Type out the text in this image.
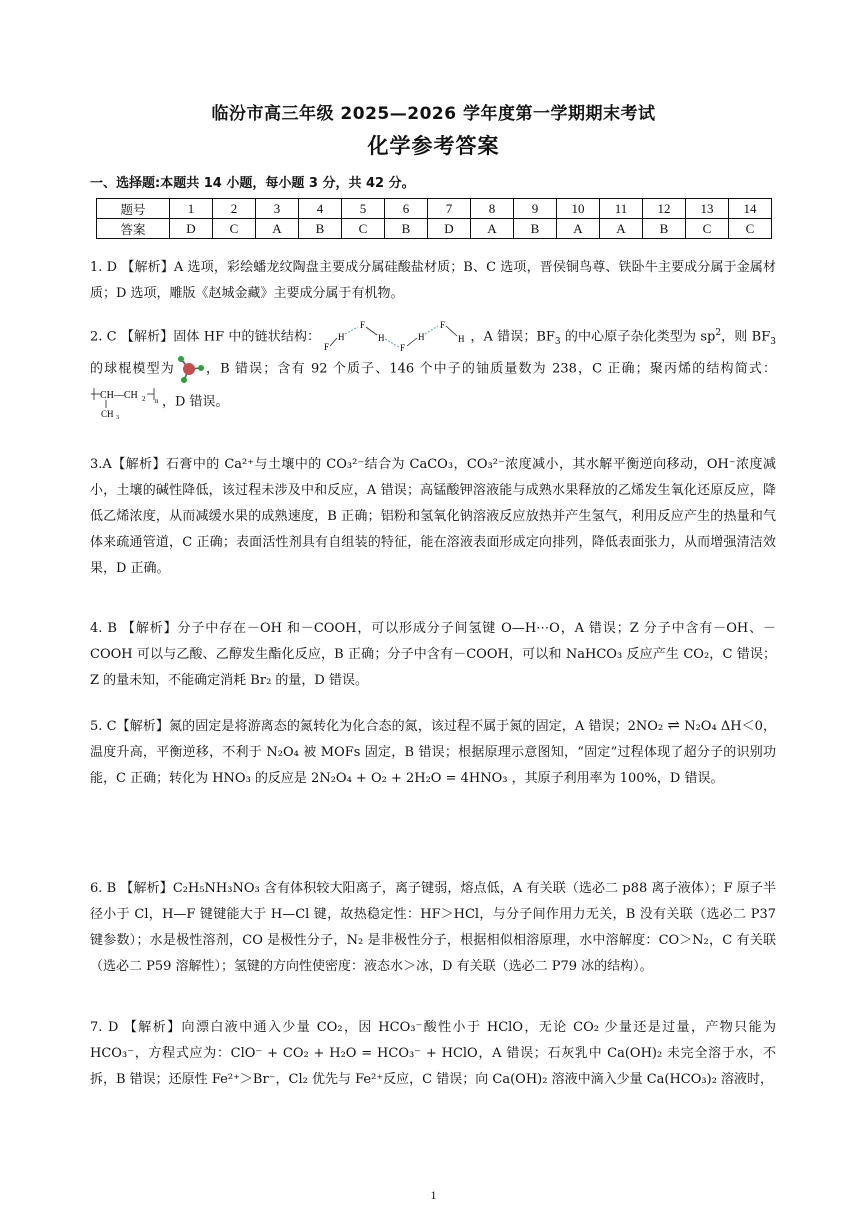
临汾市高三年级 2025—2026 学年度第一学期期末考试
化学参考答案
一、选择题:本题共 14 小题，每小题 3 分，共 42 分。
题号	1	2	3	4	5	6	7	8	9	10	11	12	13	14
答案	D	C	A	B	C	B	D	A	B	A	A	B	C	C

1. D 【解析】A 选项，彩绘蟠龙纹陶盘主要成分属硅酸盐材质；B、C 选项，晋侯铜鸟尊、铁卧牛主要成分属于金属材质；D 选项，雕版《赵城金藏》主要成分属于有机物。

2. C 【解析】固体 HF 中的链状结构：
F
H
F
H
F
H
F
H ，A 错误；$BF_3$ 的中心原子杂化类型为 $sp^2$，则 $BF_3$ 的球棍模型为 ，B 错误；含有 92 个质子、146 个中子的铀质量数为 238，C 正确；聚丙烯的结构简式：
CH—CH 2 n
CH 3
，D 错误。

3.A【解析】石膏中的 Ca²⁺与土壤中的 CO₃²⁻结合为 CaCO₃，CO₃²⁻浓度减小，其水解平衡逆向移动，OH⁻浓度减小，土壤的碱性降低，该过程未涉及中和反应，A 错误；高锰酸钾溶液能与成熟水果释放的乙烯发生氧化还原反应，降低乙烯浓度，从而减缓水果的成熟速度，B 正确；铝粉和氢氧化钠溶液反应放热并产生氢气，利用反应产生的热量和气体来疏通管道，C 正确；表面活性剂具有自组装的特征，能在溶液表面形成定向排列，降低表面张力，从而增强清洁效果，D 正确。

4. B 【解析】分子中存在－OH 和－COOH，可以形成分子间氢键 O—H⋯O，A 错误；Z 分子中含有－OH、－COOH 可以与乙酸、乙醇发生酯化反应，B 正确；分子中含有－COOH，可以和 NaHCO₃ 反应产生 CO₂，C 错误；Z 的量未知，不能确定消耗 Br₂ 的量，D 错误。

5. C【解析】氮的固定是将游离态的氮转化为化合态的氮，该过程不属于氮的固定，A 错误；2NO₂ ⇌ N₂O₄ ΔH＜0，温度升高，平衡逆移，不利于 N₂O₄ 被 MOFs 固定，B 错误；根据原理示意图知，“固定”过程体现了超分子的识别功能，C 正确；转化为 HNO₃ 的反应是 2N₂O₄ + O₂ + 2H₂O = 4HNO₃ ，其原子利用率为 100%，D 错误。

6. B 【解析】C₂H₅NH₃NO₃ 含有体积较大阳离子，离子键弱，熔点低，A 有关联（选必二 p88 离子液体）；F 原子半径小于 Cl，H—F 键键能大于 H—Cl 键，故热稳定性：HF＞HCl，与分子间作用力无关，B 没有关联（选必二 P37 键参数）；水是极性溶剂，CO 是极性分子，N₂ 是非极性分子，根据相似相溶原理，水中溶解度：CO＞N₂，C 有关联（选必二 P59 溶解性）；氢键的方向性使密度：液态水＞冰，D 有关联（选必二 P79 冰的结构）。

7. D 【解析】向漂白液中通入少量 CO₂，因 HCO₃⁻酸性小于 HClO，无论 CO₂ 少量还是过量，产物只能为 HCO₃⁻，方程式应为：ClO⁻ + CO₂ + H₂O = HCO₃⁻ + HClO，A 错误；石灰乳中 Ca(OH)₂ 未完全溶于水，不拆，B 错误；还原性 Fe²⁺＞Br⁻，Cl₂ 优先与 Fe²⁺反应，C 错误；向 Ca(OH)₂ 溶液中滴入少量 Ca(HCO₃)₂ 溶液时，

1
